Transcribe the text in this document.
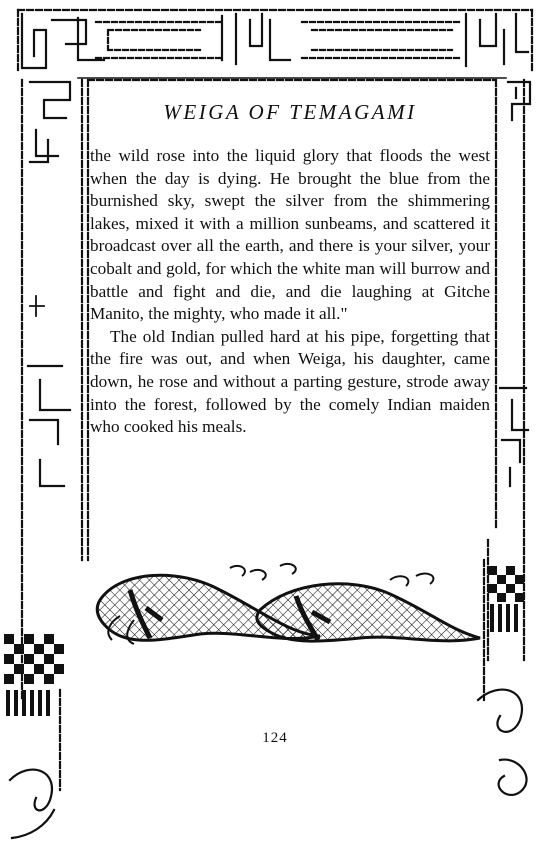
WEIGA OF TEMAGAMI

the wild rose into the liquid glory that floods the west when the day is dying. He brought the blue from the burnished sky, swept the silver from the shimmering lakes, mixed it with a million sunbeams, and scattered it broadcast over all the earth, and there is your silver, your cobalt and gold, for which the white man will burrow and battle and fight and die, and die laughing at Gitche Manito, the mighty, who made it all."

The old Indian pulled hard at his pipe, forgetting that the fire was out, and when Weiga, his daughter, came down, he rose and without a parting gesture, strode away into the forest, followed by the comely Indian maiden who cooked his meals.

124
